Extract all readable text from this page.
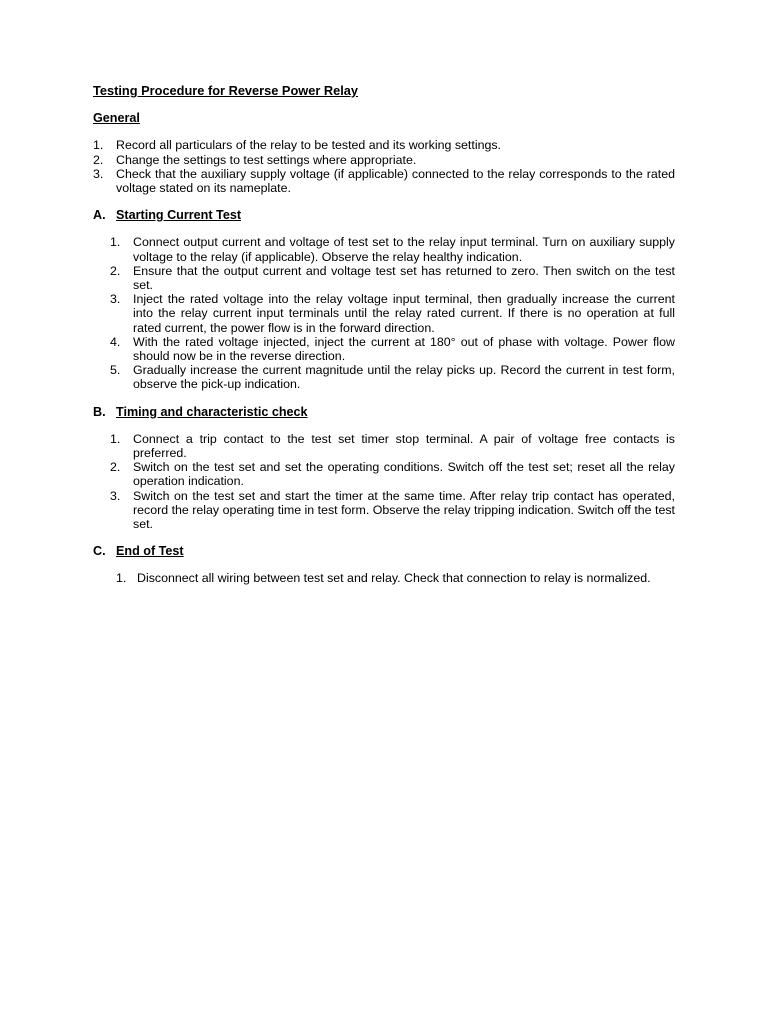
Testing Procedure for Reverse Power Relay
General
1.	Record all particulars of the relay to be tested and its working settings.
2.	Change the settings to test settings where appropriate.
3.	Check that the auxiliary supply voltage (if applicable) connected to the relay corresponds to the rated voltage stated on its nameplate.
A. Starting Current Test
1.	Connect output current and voltage of test set to the relay input terminal. Turn on auxiliary supply voltage to the relay (if applicable). Observe the relay healthy indication.
2.	Ensure that the output current and voltage test set has returned to zero. Then switch on the test set.
3.	Inject the rated voltage into the relay voltage input terminal, then gradually increase the current into the relay current input terminals until the relay rated current. If there is no operation at full rated current, the power flow is in the forward direction.
4.	With the rated voltage injected, inject the current at 180° out of phase with voltage. Power flow should now be in the reverse direction.
5.	Gradually increase the current magnitude until the relay picks up. Record the current in test form, observe the pick-up indication.
B. Timing and characteristic check
1.	Connect a trip contact to the test set timer stop terminal. A pair of voltage free contacts is preferred.
2.	Switch on the test set and set the operating conditions. Switch off the test set; reset all the relay operation indication.
3.	Switch on the test set and start the timer at the same time. After relay trip contact has operated, record the relay operating time in test form. Observe the relay tripping indication. Switch off the test set.
C. End of Test
1. Disconnect all wiring between test set and relay. Check that connection to relay is normalized.
